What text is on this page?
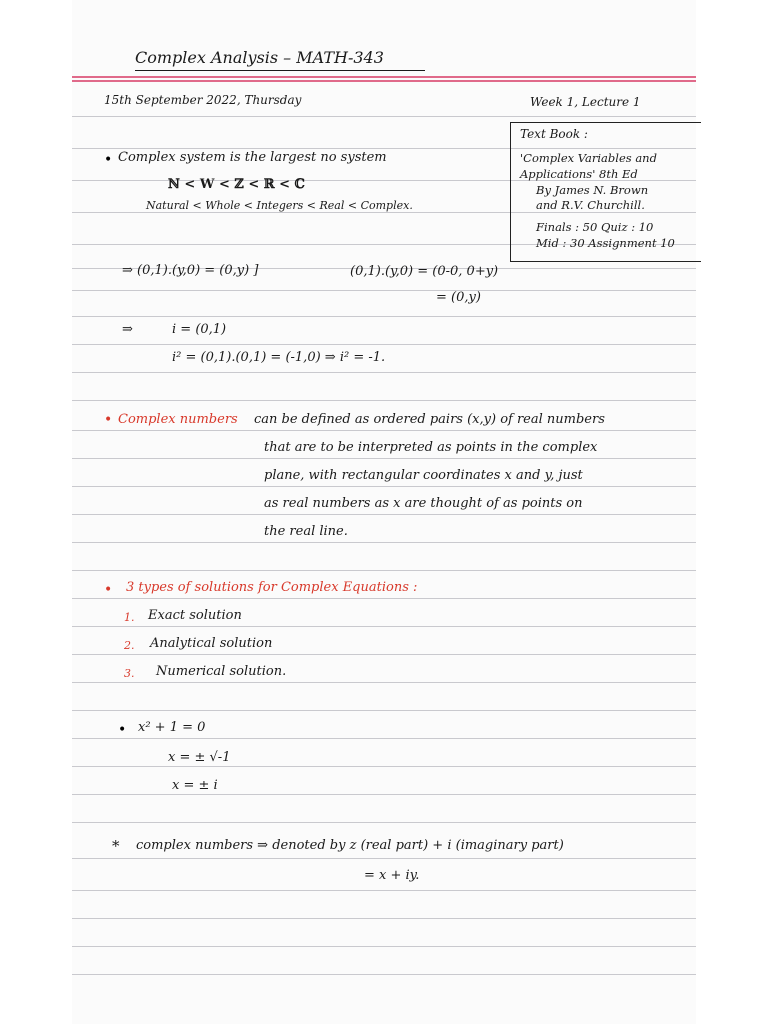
Complex Analysis – MATH-343
15th September 2022, Thursday	Week 1, Lecture 1
Text Book :
'Complex Variables and
Applications' 8th Ed
By James N. Brown
and R.V. Churchill.
Finals : 50 Quiz : 10
Mid : 30 Assignment 10
• Complex system is the largest no system
ℕ < W < ℤ < ℝ < ℂ
Natural < Whole < Integers < Real < Complex.
⇒ (0,1).(y,0) = (0,y) ]	(0,1).(y,0) = (0-0, 0+y)
= (0,y)
⇒	i = (0,1)
i² = (0,1).(0,1) = (-1,0) ⇒ i² = -1.
• Complex numbers can be defined as ordered pairs (x,y) of real numbers
that are to be interpreted as points in the complex
plane, with rectangular coordinates x and y, just
as real numbers as x are thought of as points on
the real line.
• 3 types of solutions for Complex Equations :
1. Exact solution
2. Analytical solution
3. Numerical solution.
• x² + 1 = 0
x = ± √-1
x = ± i
* complex numbers ⇒ denoted by z (real part) + i (imaginary part)
= x + iy.
